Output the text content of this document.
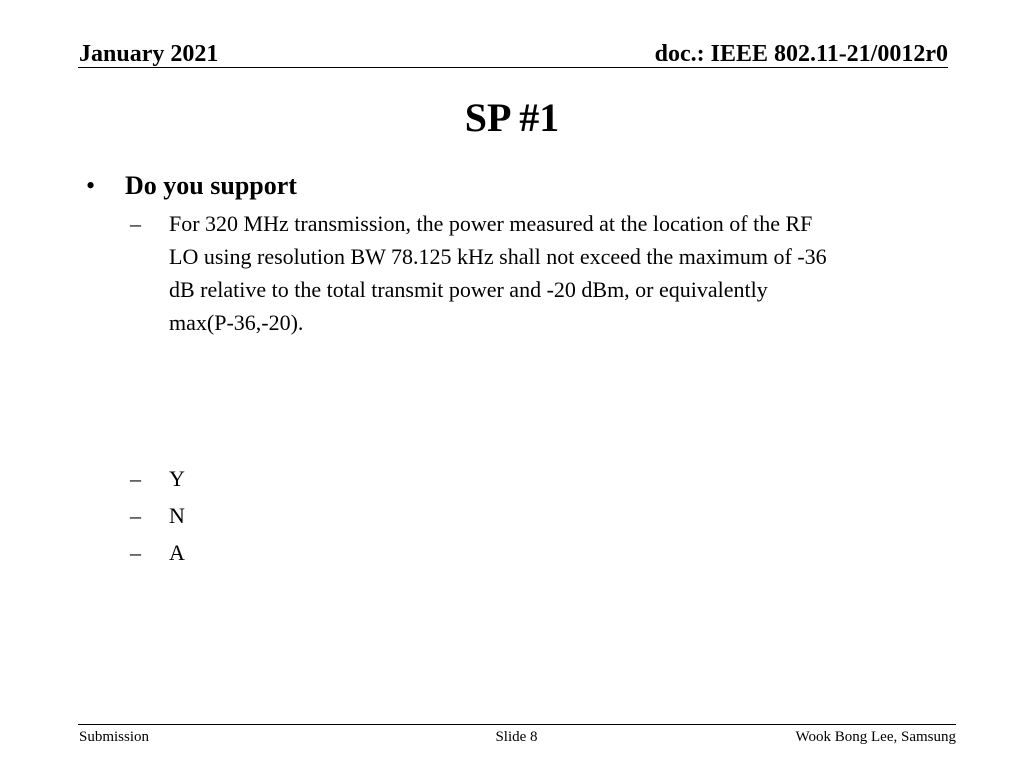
January 2021	doc.: IEEE 802.11-21/0012r0
SP #1
• Do you support
– For 320 MHz transmission, the power measured at the location of the RF
LO using resolution BW 78.125 kHz shall not exceed the maximum of -36
dB relative to the total transmit power and -20 dBm, or equivalently
max(P-36,-20).
– Y
– N
– A
Submission	Slide 8	Wook Bong Lee, Samsung
